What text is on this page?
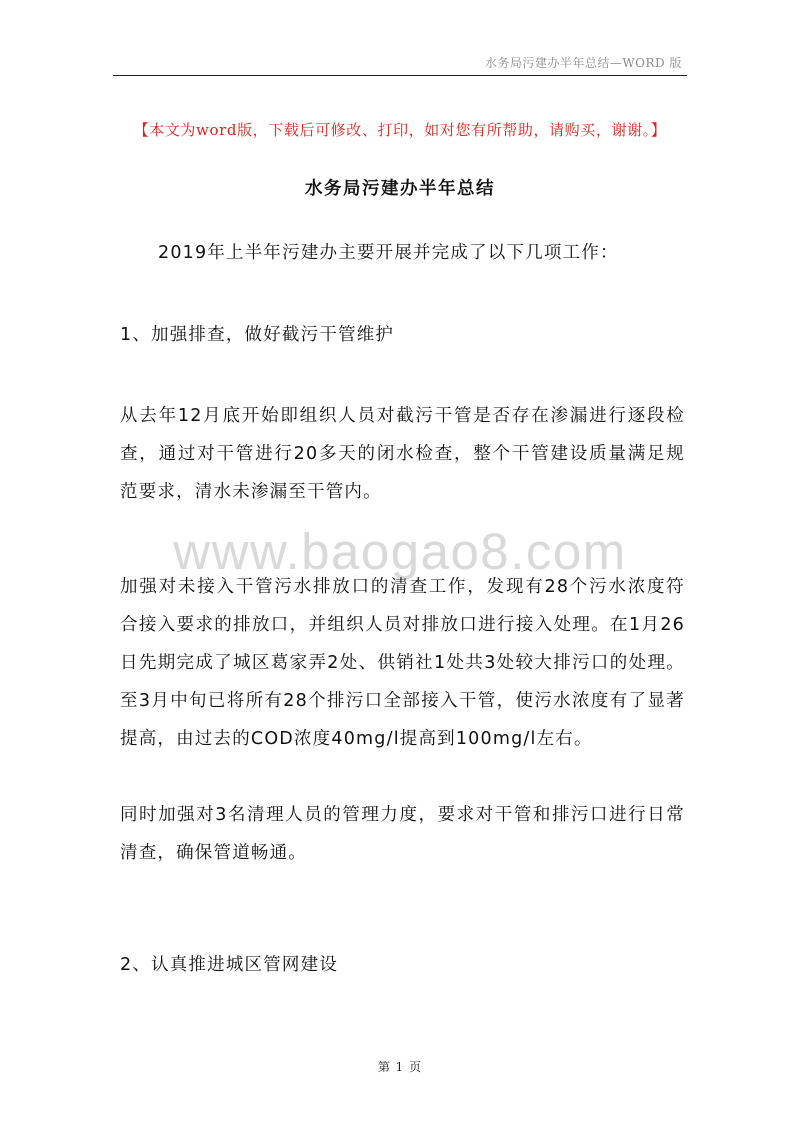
水务局污建办半年总结—WORD 版
【本文为word版，下载后可修改、打印，如对您有所帮助，请购买，谢谢。】
水务局污建办半年总结
www.baogao8.com
2019年上半年污建办主要开展并完成了以下几项工作：
1、加强排查，做好截污干管维护
从去年12月底开始即组织人员对截污干管是否存在渗漏进行逐段检查，通过对干管进行20多天的闭水检查，整个干管建设质量满足规范要求，清水未渗漏至干管内。
加强对未接入干管污水排放口的清查工作，发现有28个污水浓度符合接入要求的排放口，并组织人员对排放口进行接入处理。在1月26日先期完成了城区葛家弄2处、供销社1处共3处较大排污口的处理。至3月中旬已将所有28个排污口全部接入干管，使污水浓度有了显著提高，由过去的COD浓度40mg/l提高到100mg/l左右。
同时加强对3名清理人员的管理力度，要求对干管和排污口进行日常清查，确保管道畅通。
2、认真推进城区管网建设
第 1 页
